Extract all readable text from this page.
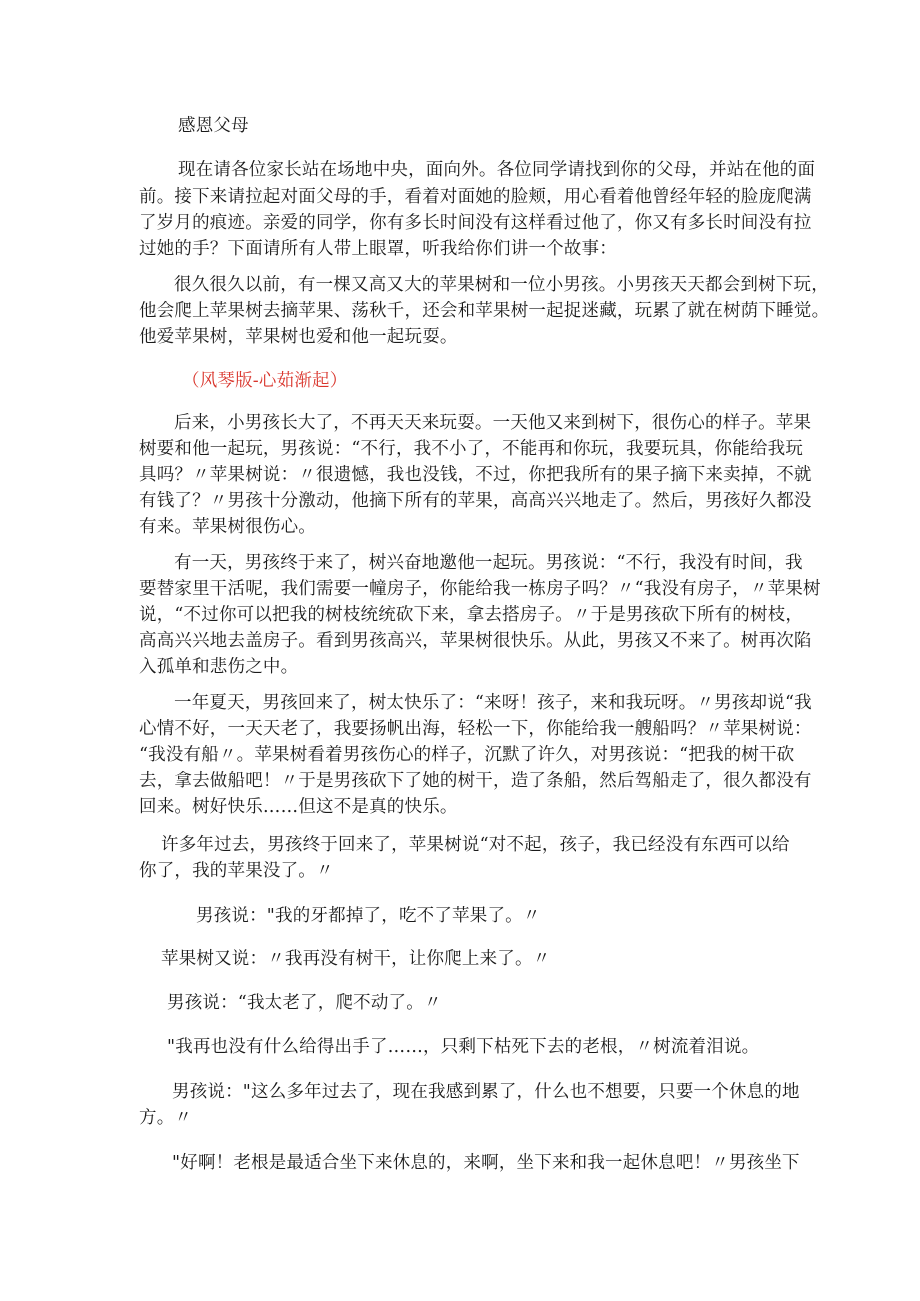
感恩父母
现在请各位家长站在场地中央，面向外。各位同学请找到你的父母，并站在他的面
前。接下来请拉起对面父母的手，看着对面她的脸颊，用心看着他曾经年轻的脸庞爬满
了岁月的痕迹。亲爱的同学，你有多长时间没有这样看过他了，你又有多长时间没有拉
过她的手？下面请所有人带上眼罩，听我给你们讲一个故事：
很久很久以前，有一棵又高又大的苹果树和一位小男孩。小男孩天天都会到树下玩，
他会爬上苹果树去摘苹果、荡秋千，还会和苹果树一起捉迷藏，玩累了就在树荫下睡觉。
他爱苹果树，苹果树也爱和他一起玩耍。
（风琴版-心茹渐起）
后来，小男孩长大了，不再天天来玩耍。一天他又来到树下，很伤心的样子。苹果
树要和他一起玩，男孩说：“不行，我不小了，不能再和你玩，我要玩具，你能给我玩
具吗？〃苹果树说：〃很遗憾，我也没钱，不过，你把我所有的果子摘下来卖掉，不就
有钱了？〃男孩十分激动，他摘下所有的苹果，高高兴兴地走了。然后，男孩好久都没
有来。苹果树很伤心。
有一天，男孩终于来了，树兴奋地邀他一起玩。男孩说：“不行，我没有时间，我
要替家里干活呢，我们需要一幢房子，你能给我一栋房子吗？〃“我没有房子，〃苹果树
说，“不过你可以把我的树枝统统砍下来，拿去搭房子。〃于是男孩砍下所有的树枝，
高高兴兴地去盖房子。看到男孩高兴，苹果树很快乐。从此，男孩又不来了。树再次陷
入孤单和悲伤之中。
一年夏天，男孩回来了，树太快乐了：“来呀！孩子，来和我玩呀。〃男孩却说“我
心情不好，一天天老了，我要扬帆出海，轻松一下，你能给我一艘船吗？〃苹果树说：
“我没有船〃。苹果树看着男孩伤心的样子，沉默了许久，对男孩说：“把我的树干砍
去，拿去做船吧！〃于是男孩砍下了她的树干，造了条船，然后驾船走了，很久都没有
回来。树好快乐……但这不是真的快乐。
许多年过去，男孩终于回来了，苹果树说“对不起，孩子，我已经没有东西可以给
你了，我的苹果没了。〃
男孩说："我的牙都掉了，吃不了苹果了。〃
苹果树又说：〃我再没有树干，让你爬上来了。〃
男孩说：“我太老了，爬不动了。〃
"我再也没有什么给得出手了……，只剩下枯死下去的老根，〃树流着泪说。
男孩说："这么多年过去了，现在我感到累了，什么也不想要，只要一个休息的地
方。〃
"好啊！老根是最适合坐下来休息的，来啊，坐下来和我一起休息吧！〃男孩坐下
